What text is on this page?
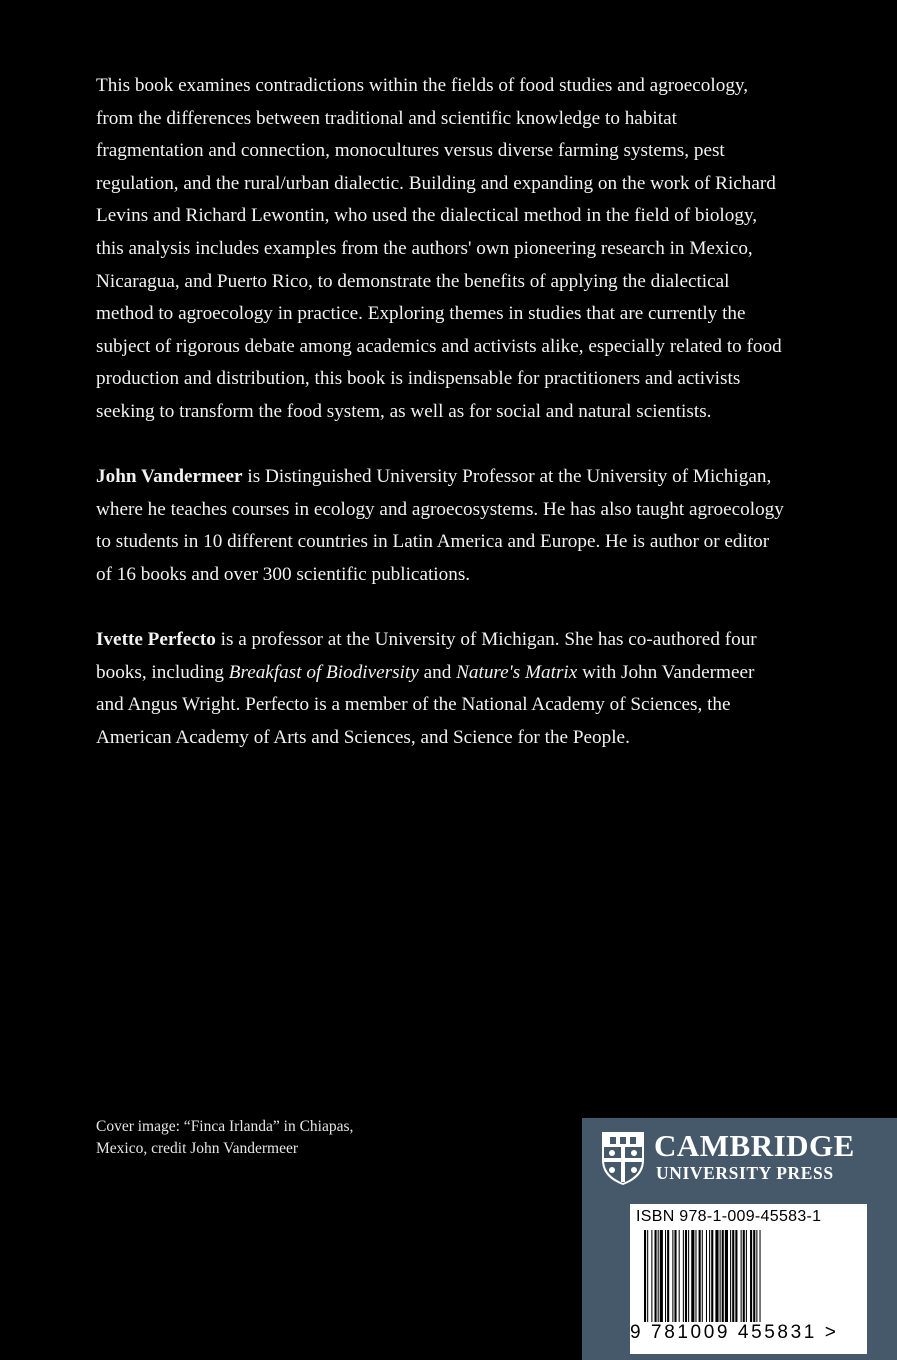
This book examines contradictions within the fields of food studies and agroecology, from the differences between traditional and scientific knowledge to habitat fragmentation and connection, monocultures versus diverse farming systems, pest regulation, and the rural/urban dialectic. Building and expanding on the work of Richard Levins and Richard Lewontin, who used the dialectical method in the field of biology, this analysis includes examples from the authors' own pioneering research in Mexico, Nicaragua, and Puerto Rico, to demonstrate the benefits of applying the dialectical method to agroecology in practice. Exploring themes in studies that are currently the subject of rigorous debate among academics and activists alike, especially related to food production and distribution, this book is indispensable for practitioners and activists seeking to transform the food system, as well as for social and natural scientists.

John Vandermeer is Distinguished University Professor at the University of Michigan, where he teaches courses in ecology and agroecosystems. He has also taught agroecology to students in 10 different countries in Latin America and Europe. He is author or editor of 16 books and over 300 scientific publications.

Ivette Perfecto is a professor at the University of Michigan. She has co-authored four books, including Breakfast of Biodiversity and Nature's Matrix with John Vandermeer and Angus Wright. Perfecto is a member of the National Academy of Sciences, the American Academy of Arts and Sciences, and Science for the People.

Cover image: “Finca Irlanda” in Chiapas,
Mexico, credit John Vandermeer	CAMBRIDGE
UNIVERSITY PRESS
ISBN 978-1-009-45583-1
9 781009 455831 >
